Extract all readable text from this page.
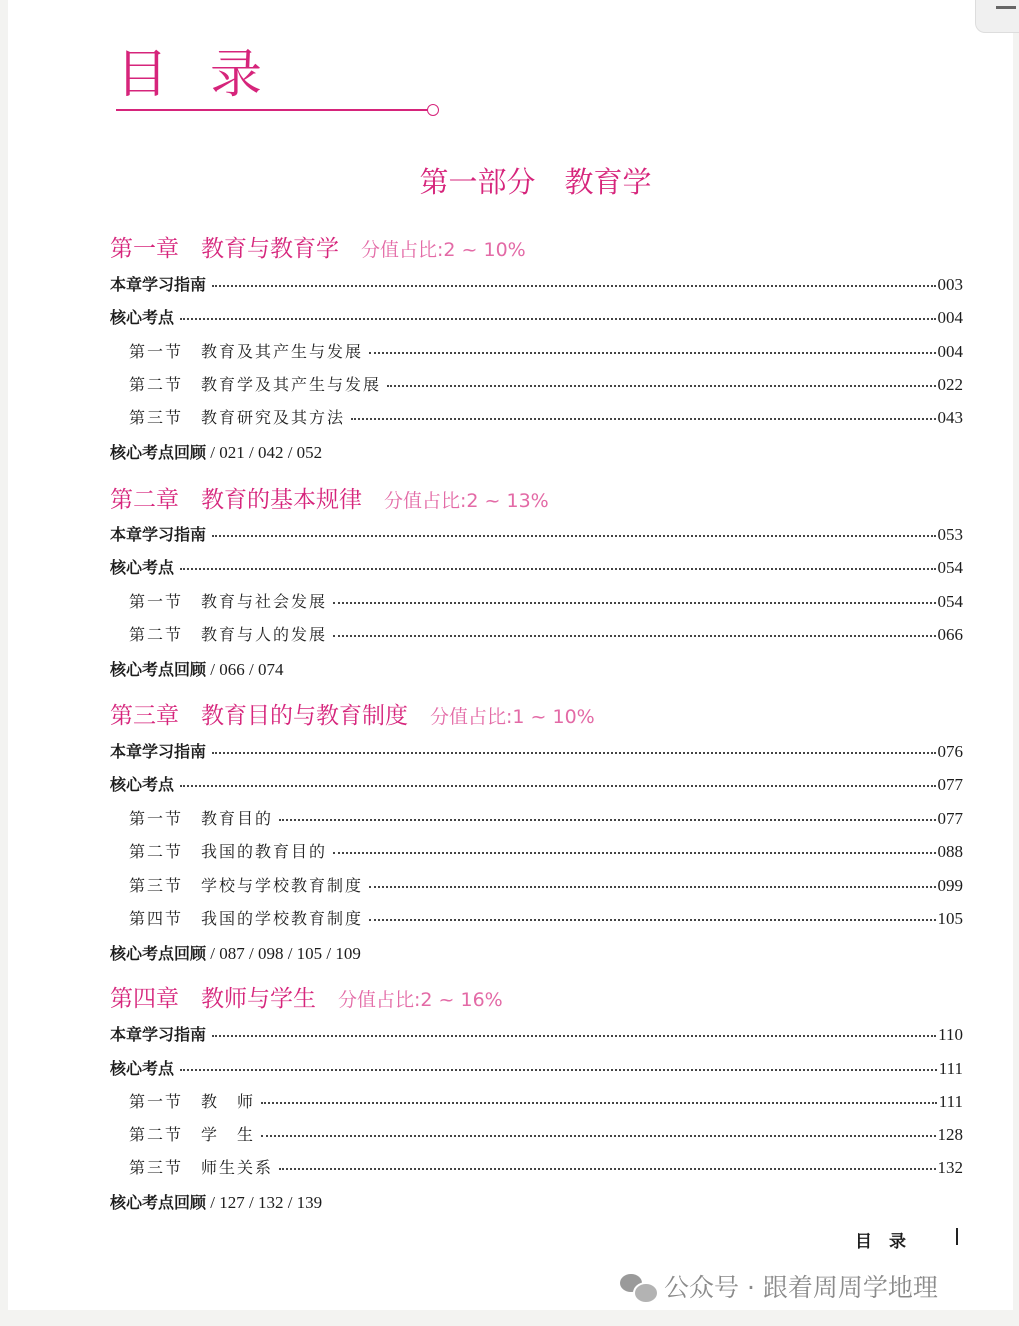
目录
第一部分　教育学
第一章 教育与教育学 分值占比:2 ~ 10%
本章学习指南	003
核心考点	004
第一节　教育及其产生与发展	004
第二节　教育学及其产生与发展	022
第三节　教育研究及其方法	043
核心考点回顾 / 021 / 042 / 052
第二章 教育的基本规律 分值占比:2 ~ 13%
本章学习指南	053
核心考点	054
第一节　教育与社会发展	054
第二节　教育与人的发展	066
核心考点回顾 / 066 / 074
第三章 教育目的与教育制度 分值占比:1 ~ 10%
本章学习指南	076
核心考点	077
第一节　教育目的	077
第二节　我国的教育目的	088
第三节　学校与学校教育制度	099
第四节　我国的学校教育制度	105
核心考点回顾 / 087 / 098 / 105 / 109
第四章 教师与学生 分值占比:2 ~ 16%
本章学习指南	110
核心考点	111
第一节　教　师	111
第二节　学　生	128
第三节　师生关系	132
核心考点回顾 / 127 / 132 / 139
目　录
公众号 · 跟着周周学地理
